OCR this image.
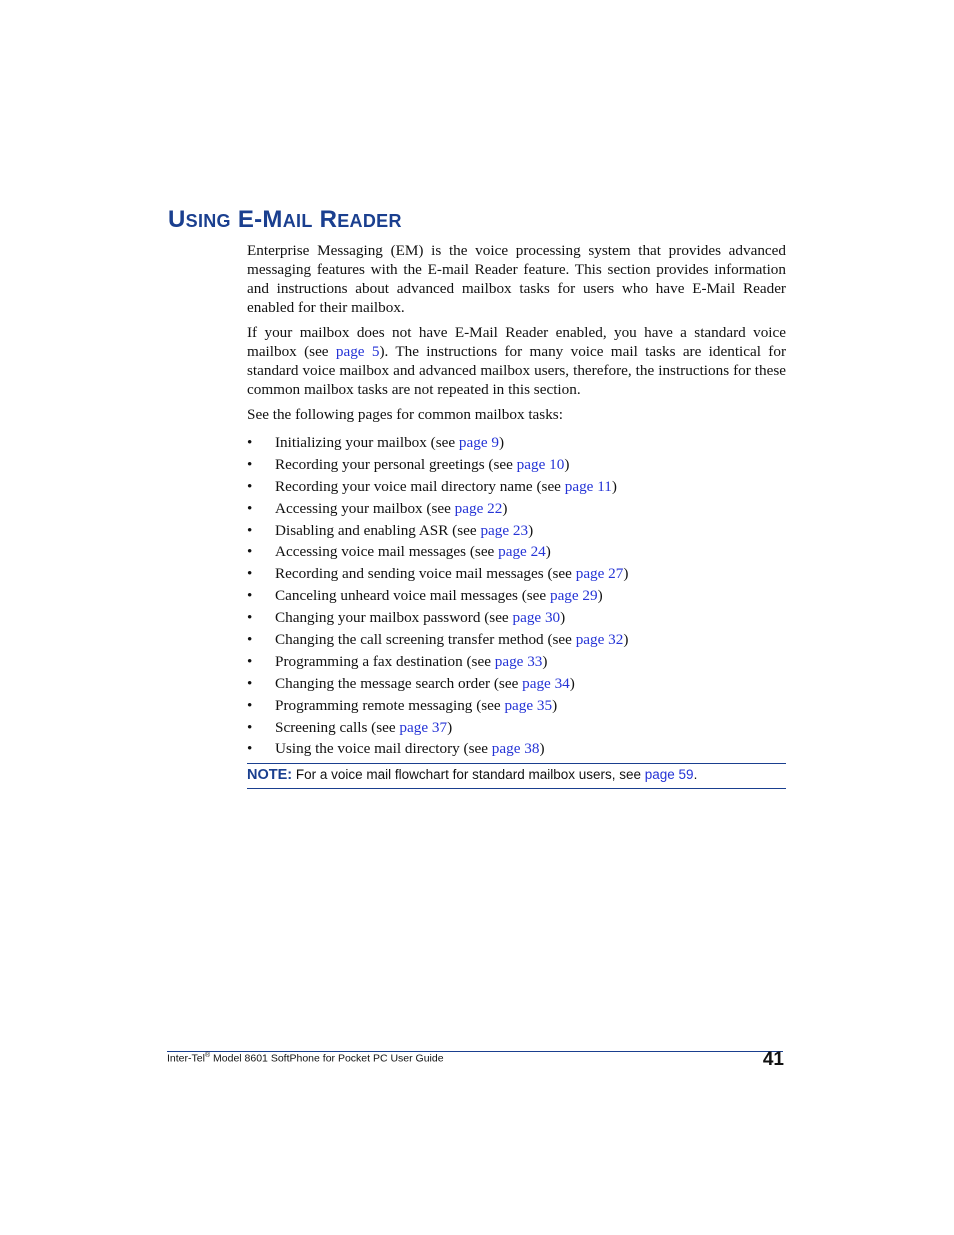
USING E-MAIL READER

Enterprise Messaging (EM) is the voice processing system that provides advanced messaging features with the E-mail Reader feature. This section provides information and instructions about advanced mailbox tasks for users who have E-Mail Reader enabled for their mailbox.

If your mailbox does not have E-Mail Reader enabled, you have a standard voice mailbox (see page 5). The instructions for many voice mail tasks are identical for standard voice mailbox and advanced mailbox users, therefore, the instructions for these common mailbox tasks are not repeated in this section.

See the following pages for common mailbox tasks:

• Initializing your mailbox (see page 9)
• Recording your personal greetings (see page 10)
• Recording your voice mail directory name (see page 11)
• Accessing your mailbox (see page 22)
• Disabling and enabling ASR (see page 23)
• Accessing voice mail messages (see page 24)
• Recording and sending voice mail messages (see page 27)
• Canceling unheard voice mail messages (see page 29)
• Changing your mailbox password (see page 30)
• Changing the call screening transfer method (see page 32)
• Programming a fax destination (see page 33)
• Changing the message search order (see page 34)
• Programming remote messaging (see page 35)
• Screening calls (see page 37)
• Using the voice mail directory (see page 38)
NOTE: For a voice mail flowchart for standard mailbox users, see page 59.
Inter-Tel® Model 8601 SoftPhone for Pocket PC User Guide	41
